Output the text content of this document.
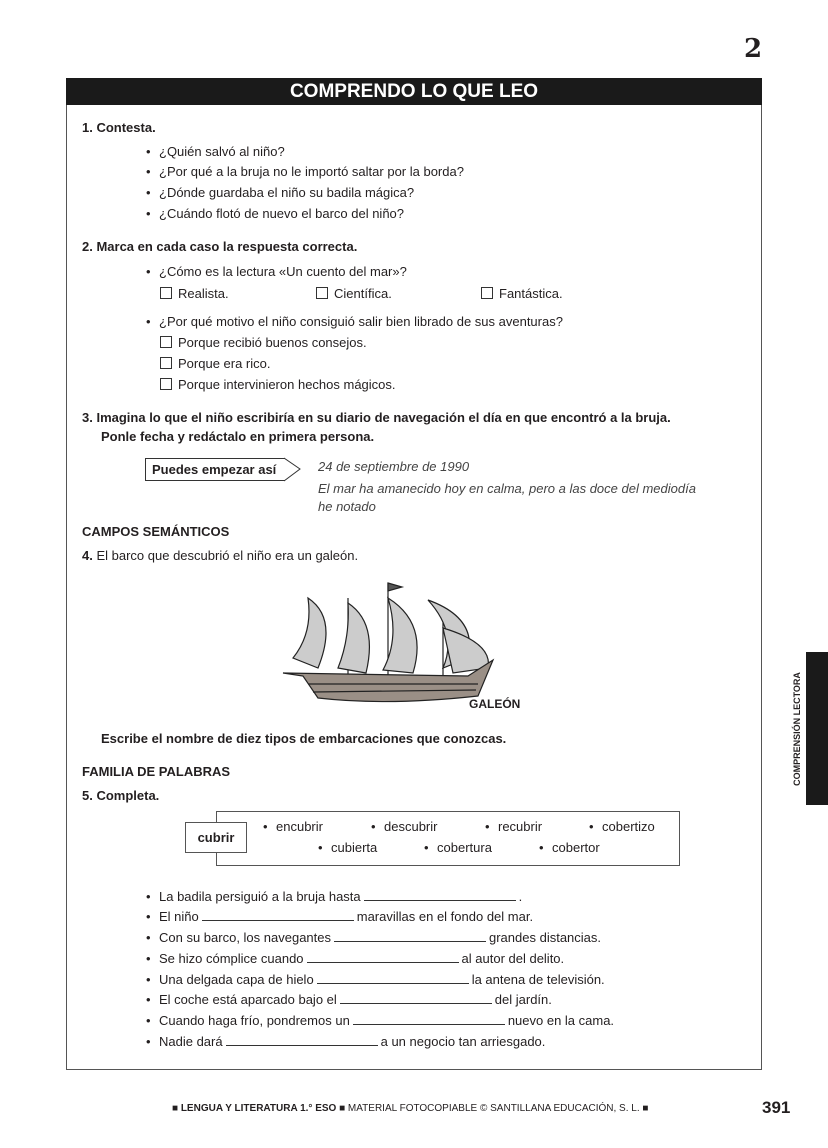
2
COMPRENDO LO QUE LEO
1. Contesta.
• ¿Quién salvó al niño?
• ¿Por qué a la bruja no le importó saltar por la borda?
• ¿Dónde guardaba el niño su badila mágica?
• ¿Cuándo flotó de nuevo el barco del niño?
2. Marca en cada caso la respuesta correcta.
• ¿Cómo es la lectura «Un cuento del mar»?
Realista.	Científica.	Fantástica.
• ¿Por qué motivo el niño consiguió salir bien librado de sus aventuras?
Porque recibió buenos consejos.
Porque era rico.
Porque intervinieron hechos mágicos.
3. Imagina lo que el niño escribiría en su diario de navegación el día en que encontró a la bruja.
Ponle fecha y redáctalo en primera persona.
Puedes empezar así	24 de septiembre de 1990
El mar ha amanecido hoy en calma, pero a las doce del mediodía
he notado
CAMPOS SEMÁNTICOS
4. El barco que descubrió el niño era un galeón.
GALEÓN
Escribe el nombre de diez tipos de embarcaciones que conozcas.
FAMILIA DE PALABRAS
5. Completa.
cubrir
• encubrir	• descubrir	• recubrir	• cobertizo
• cubierta	• cobertura	• cobertor
• La badila persiguió a la bruja hasta	.
• El niño	maravillas en el fondo del mar.
• Con su barco, los navegantes	grandes distancias.
• Se hizo cómplice cuando	al autor del delito.
• Una delgada capa de hielo	la antena de televisión.
• El coche está aparcado bajo el	del jardín.
• Cuando haga frío, pondremos un	nuevo en la cama.
• Nadie dará	a un negocio tan arriesgado.
COMPRENSIÓN LECTORA
■ LENGUA Y LITERATURA 1.° ESO ■ MATERIAL FOTOCOPIABLE © SANTILLANA EDUCACIÓN, S. L. ■	391
